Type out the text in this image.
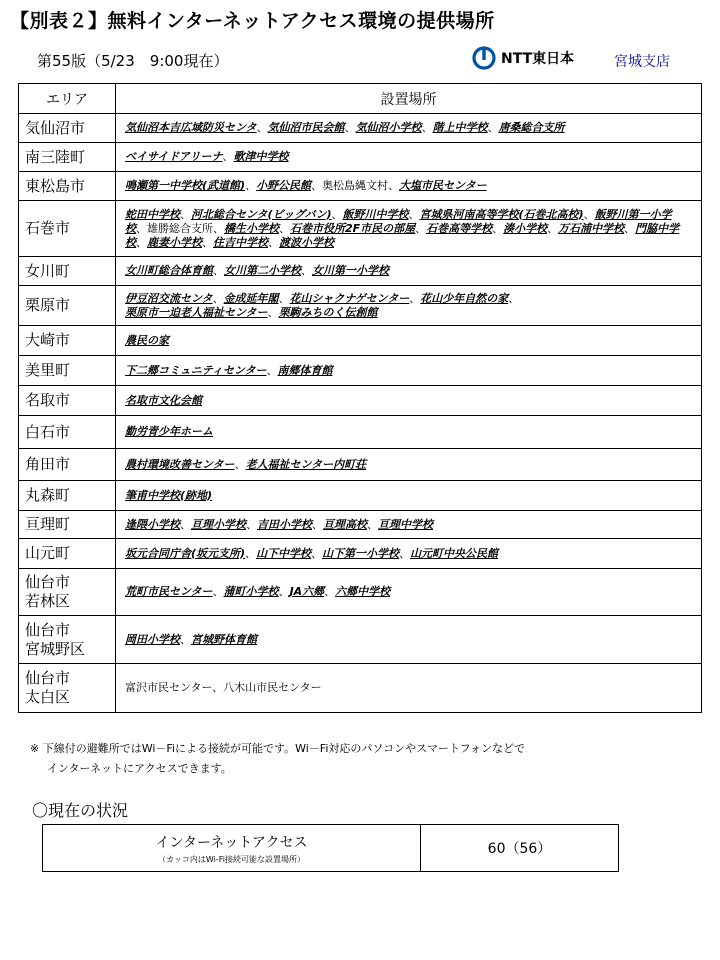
【別表２】無料インターネットアクセス環境の提供場所
第55版（5/23　9:00現在）	NTT東日本	宮城支店
エリア	設置場所
気仙沼市	気仙沼本吉広域防災センタ、気仙沼市民会館、気仙沼小学校、階上中学校、唐桑総合支所
南三陸町	ベイサイドアリーナ、歌津中学校
東松島市	鳴瀬第一中学校(武道館)、小野公民館、奥松島縄文村、大塩市民センター
石巻市	蛇田中学校、河北総合センタ(ビッグバン)、飯野川中学校、宮城県河南高等学校(石巻北高校)、飯野川第一小学校、雄勝総合支所、橋生小学校、石巻市役所2F市民の部屋、石巻高等学校、湊小学校、万石浦中学校、門脇中学校、鹿妻小学校、住吉中学校、渡波小学校
女川町	女川町総合体育館、女川第二小学校、女川第一小学校
栗原市	伊豆沼交流センタ、金成延年閣、花山シャクナゲセンター、花山少年自然の家、
栗原市一迫老人福祉センター、栗駒みちのく伝創館
大崎市	農民の家
美里町	下二郷コミュニティセンター、南郷体育館
名取市	名取市文化会館
白石市	勤労青少年ホーム
角田市	農村環境改善センター、老人福祉センター内町荘
丸森町	筆甫中学校(跡地)
亘理町	逢隈小学校、亘理小学校、吉田小学校、亘理高校、亘理中学校
山元町	坂元合同庁舎(坂元支所)、山下中学校、山下第一小学校、山元町中央公民館
仙台市
若林区	荒町市民センター、蒲町小学校、JA六郷、六郷中学校
仙台市
宮城野区	岡田小学校、宮城野体育館
仙台市
太白区	富沢市民センター、八木山市民センター
※ 下線付の避難所ではWi－Fiによる接続が可能です。Wi－Fi対応のパソコンやスマートフォンなどで
インターネットにアクセスできます。
〇現在の状況
インターネットアクセス
（カッコ内はWi-Fi接続可能な設置場所）
	60（56）
